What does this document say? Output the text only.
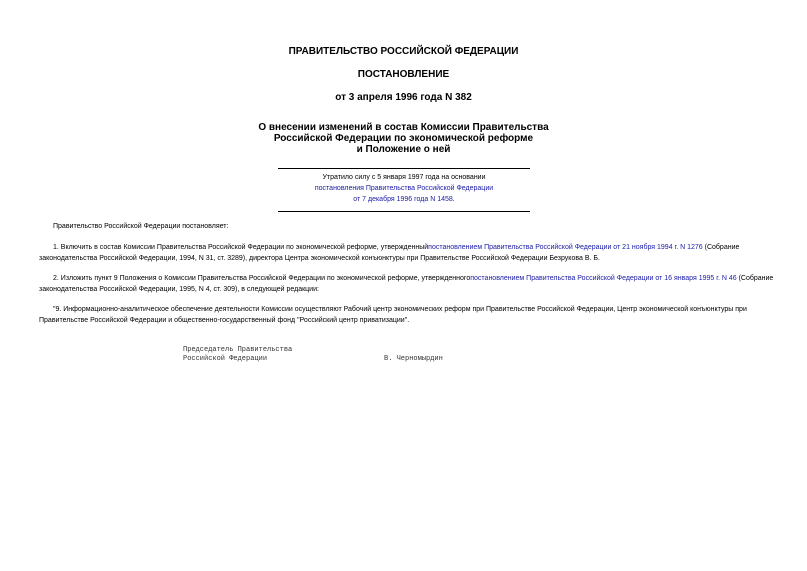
ПРАВИТЕЛЬСТВО РОССИЙСКОЙ ФЕДЕРАЦИИ
ПОСТАНОВЛЕНИЕ
от 3 апреля 1996 года N 382
О внесении изменений в состав Комиссии Правительства
Российской Федерации по экономической реформе
и Положение о ней
Утратило силу с 5 января 1997 года на основании
постановления Правительства Российской Федерации
от 7 декабря 1996 года N 1458.
Правительство Российской Федерации постановляет:
1. Включить в состав Комиссии Правительства Российской Федерации по экономической реформе, утвержденныйпостановлением Правительства Российской Федерации от 21 ноября 1994 г. N 1276 (Собрание законодательства Российской Федерации, 1994, N 31, ст. 3289), директора Центра экономической конъюнктуры при Правительстве Российской Федерации Безрукова В. Б.
2. Изложить пункт 9 Положения о Комиссии Правительства Российской Федерации по экономической реформе, утвержденногопостановлением Правительства Российской Федерации от 16 января 1995 г. N 46 (Собрание законодательства Российской Федерации, 1995, N 4, ст. 309), в следующей редакции:
"9. Информационно-аналитическое обеспечение деятельности Комиссии осуществляют Рабочий центр экономических реформ при Правительстве Российской Федерации, Центр экономической конъюнктуры при Правительстве Российской Федерации и общественно-государственный фонд "Российский центр приватизации".
Председатель Правительства
Российской Федерации	В. Черномырдин
